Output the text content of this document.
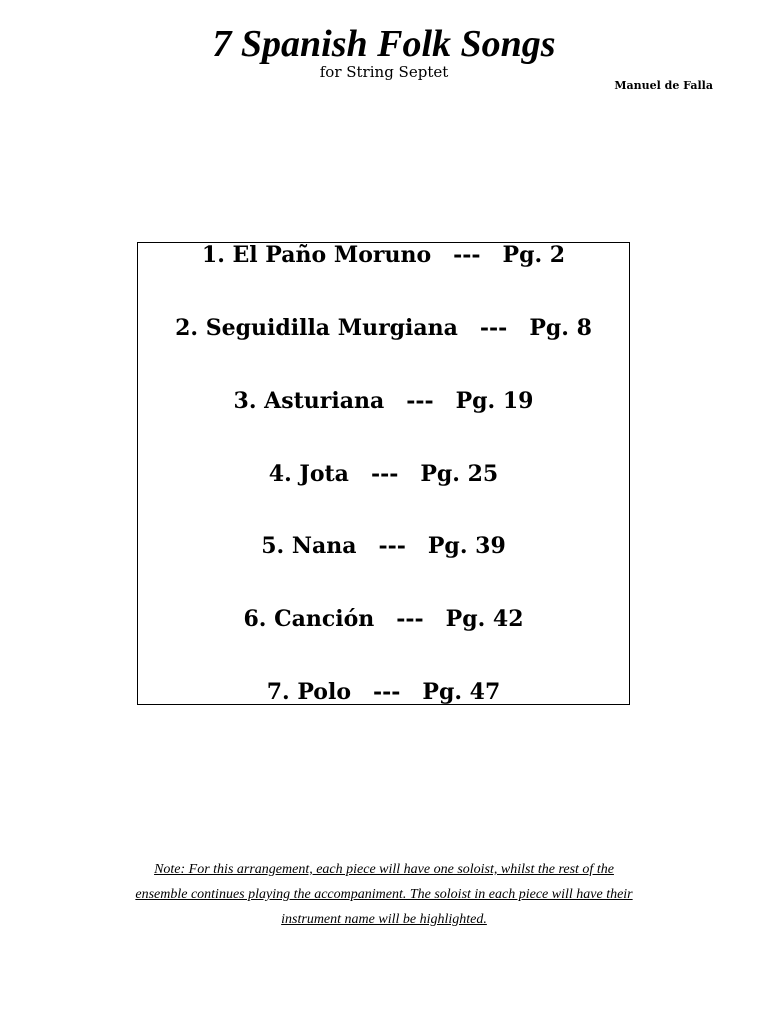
7 Spanish Folk Songs
for String Septet
Manuel de Falla
1. El Paño Moruno --- Pg. 2
2. Seguidilla Murgiana --- Pg. 8
3. Asturiana --- Pg. 19
4. Jota --- Pg. 25
5. Nana --- Pg. 39
6. Canción --- Pg. 42
7. Polo --- Pg. 47
Note: For this arrangement, each piece will have one soloist, whilst the rest of the
ensemble continues playing the accompaniment. The soloist in each piece will have their
instrument name will be highlighted.
